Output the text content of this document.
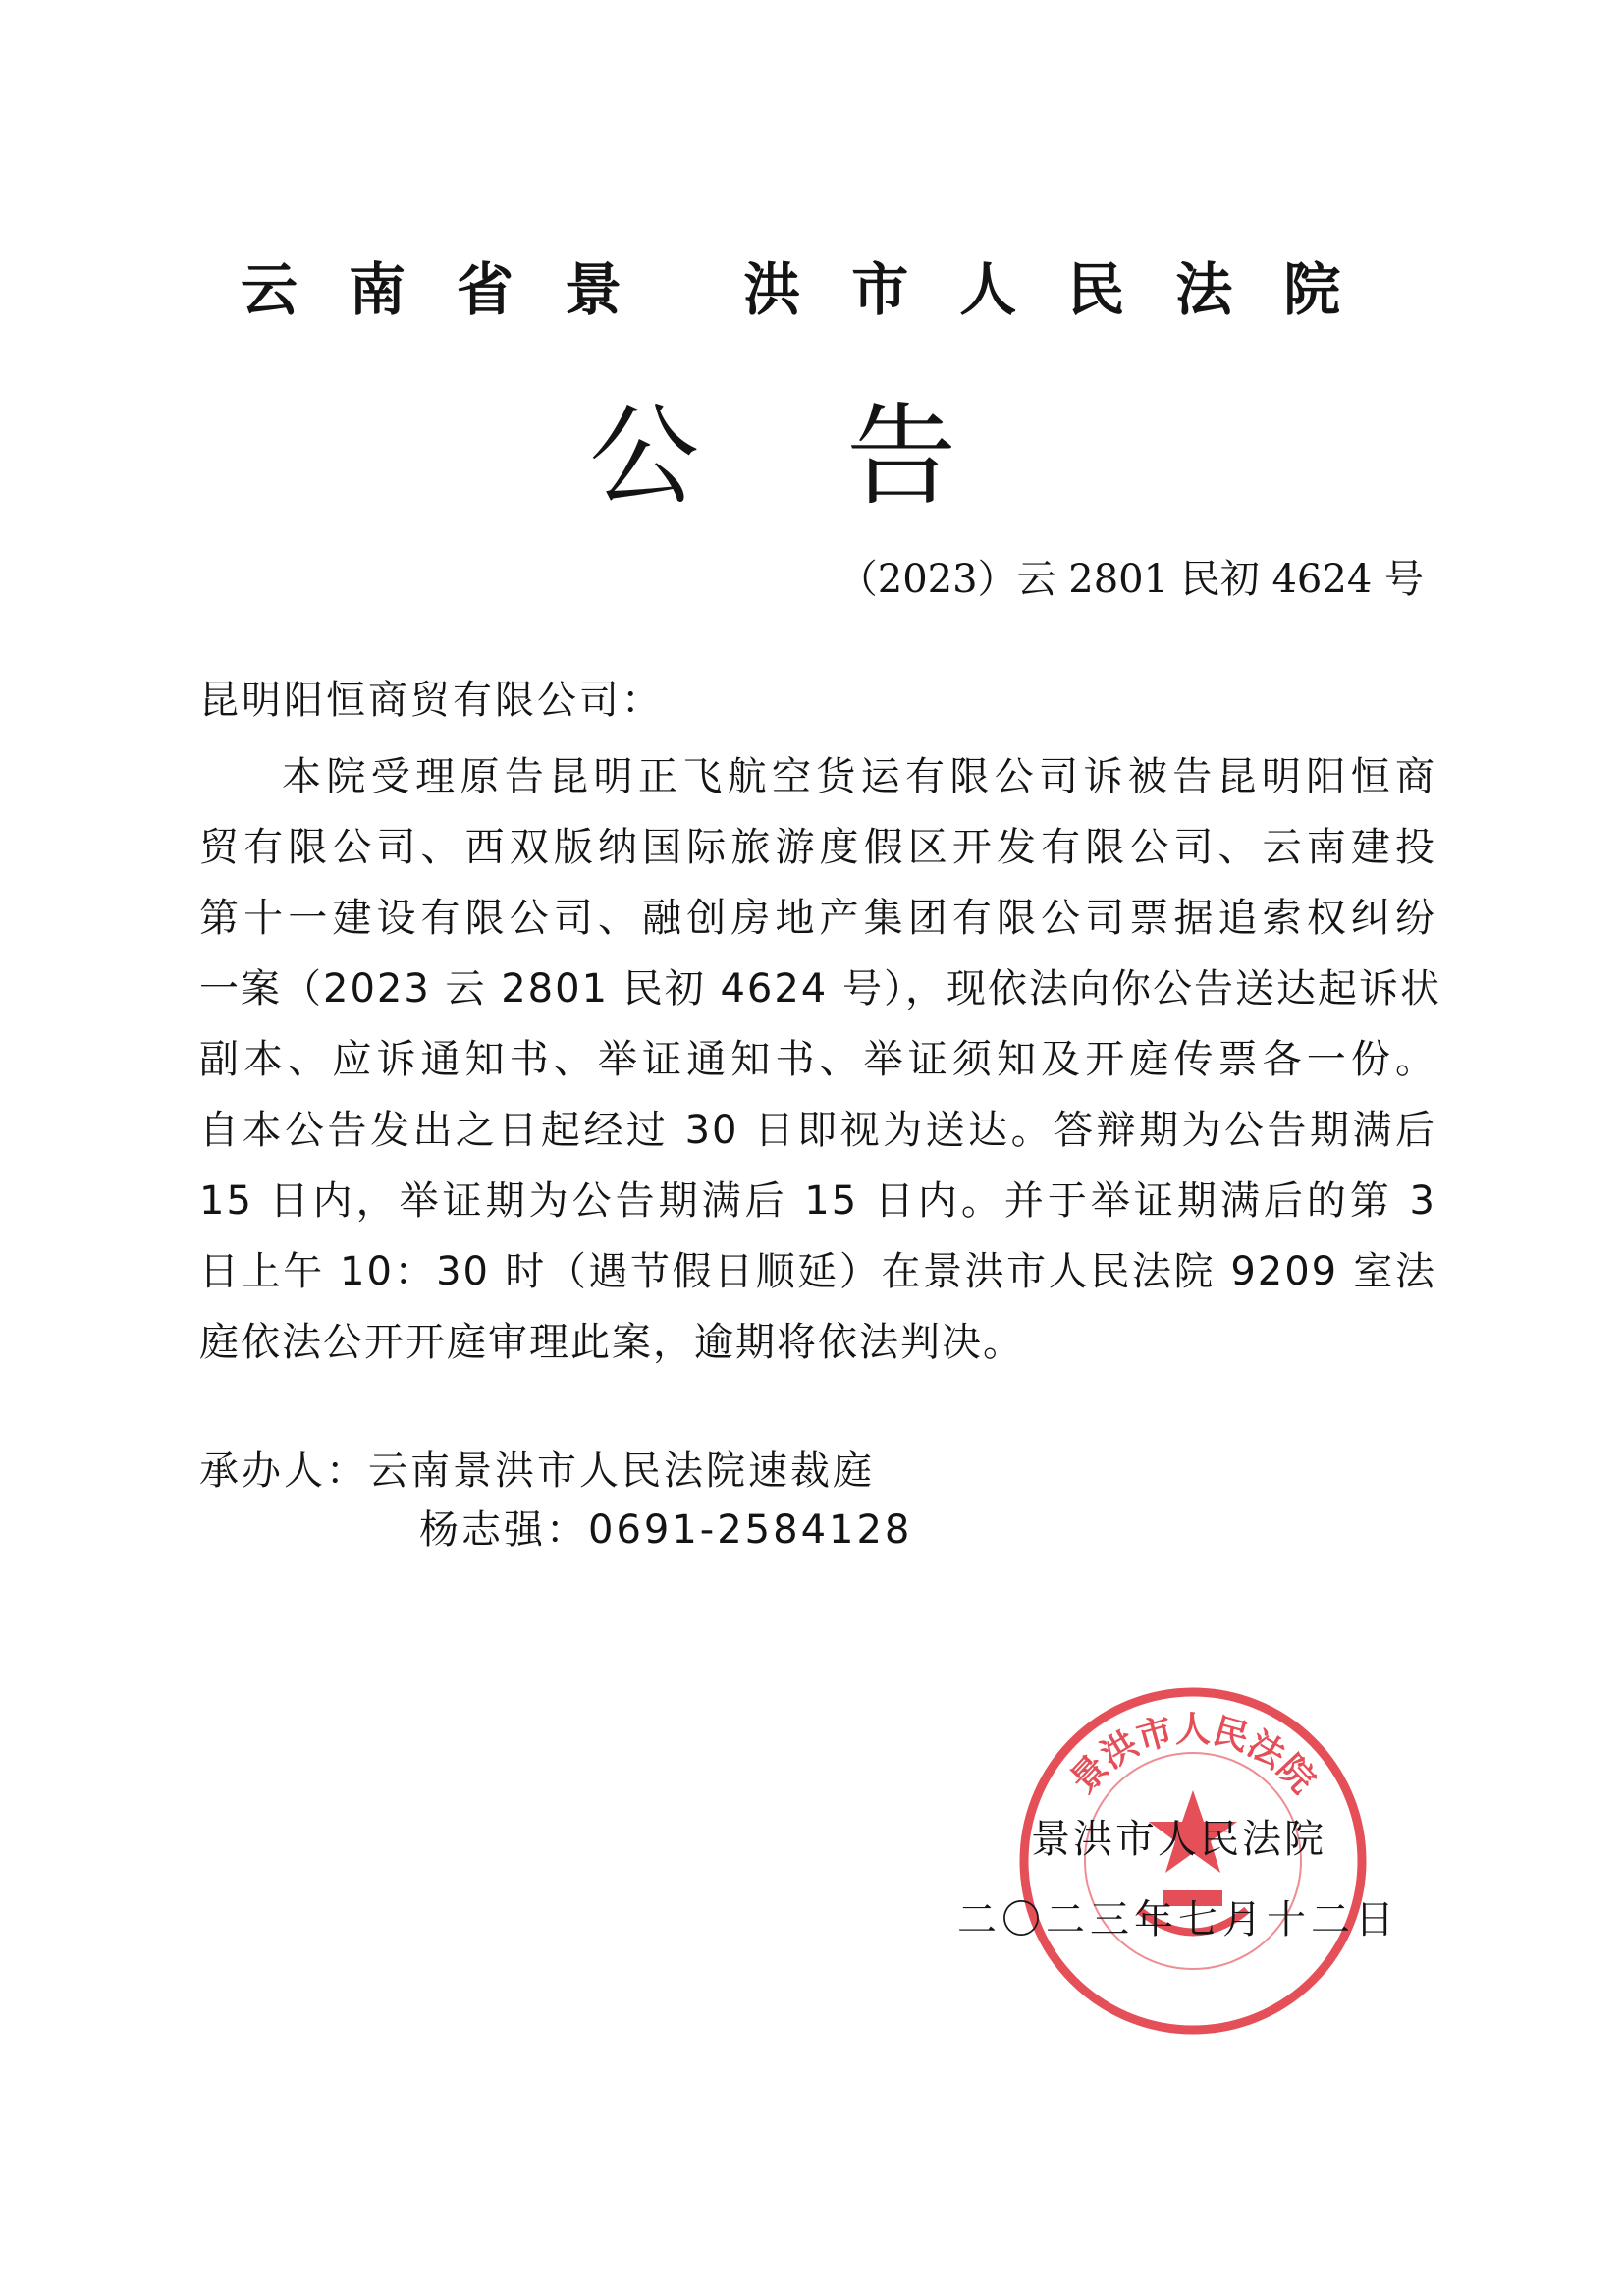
云南省景 洪市人民法院
公告
（2023）云 2801 民初 4624 号
昆明阳恒商贸有限公司：
本院受理原告昆明正飞航空货运有限公司诉被告昆明阳恒商
贸有限公司、西双版纳国际旅游度假区开发有限公司、云南建投
第十一建设有限公司、融创房地产集团有限公司票据追索权纠纷
一案（2023 云 2801 民初 4624 号），现依法向你公告送达起诉状
副本、应诉通知书、举证通知书、举证须知及开庭传票各一份。
自本公告发出之日起经过 30 日即视为送达。答辩期为公告期满后
15 日内，举证期为公告期满后 15 日内。并于举证期满后的第 3
日上午 10：30 时（遇节假日顺延）在景洪市人民法院 9209 室法
庭依法公开开庭审理此案，逾期将依法判决。
承办人：云南景洪市人民法院速裁庭
杨志强：0691-2584128
景洪市人民法院
景洪市人民法院
二〇二三年七月十二日
